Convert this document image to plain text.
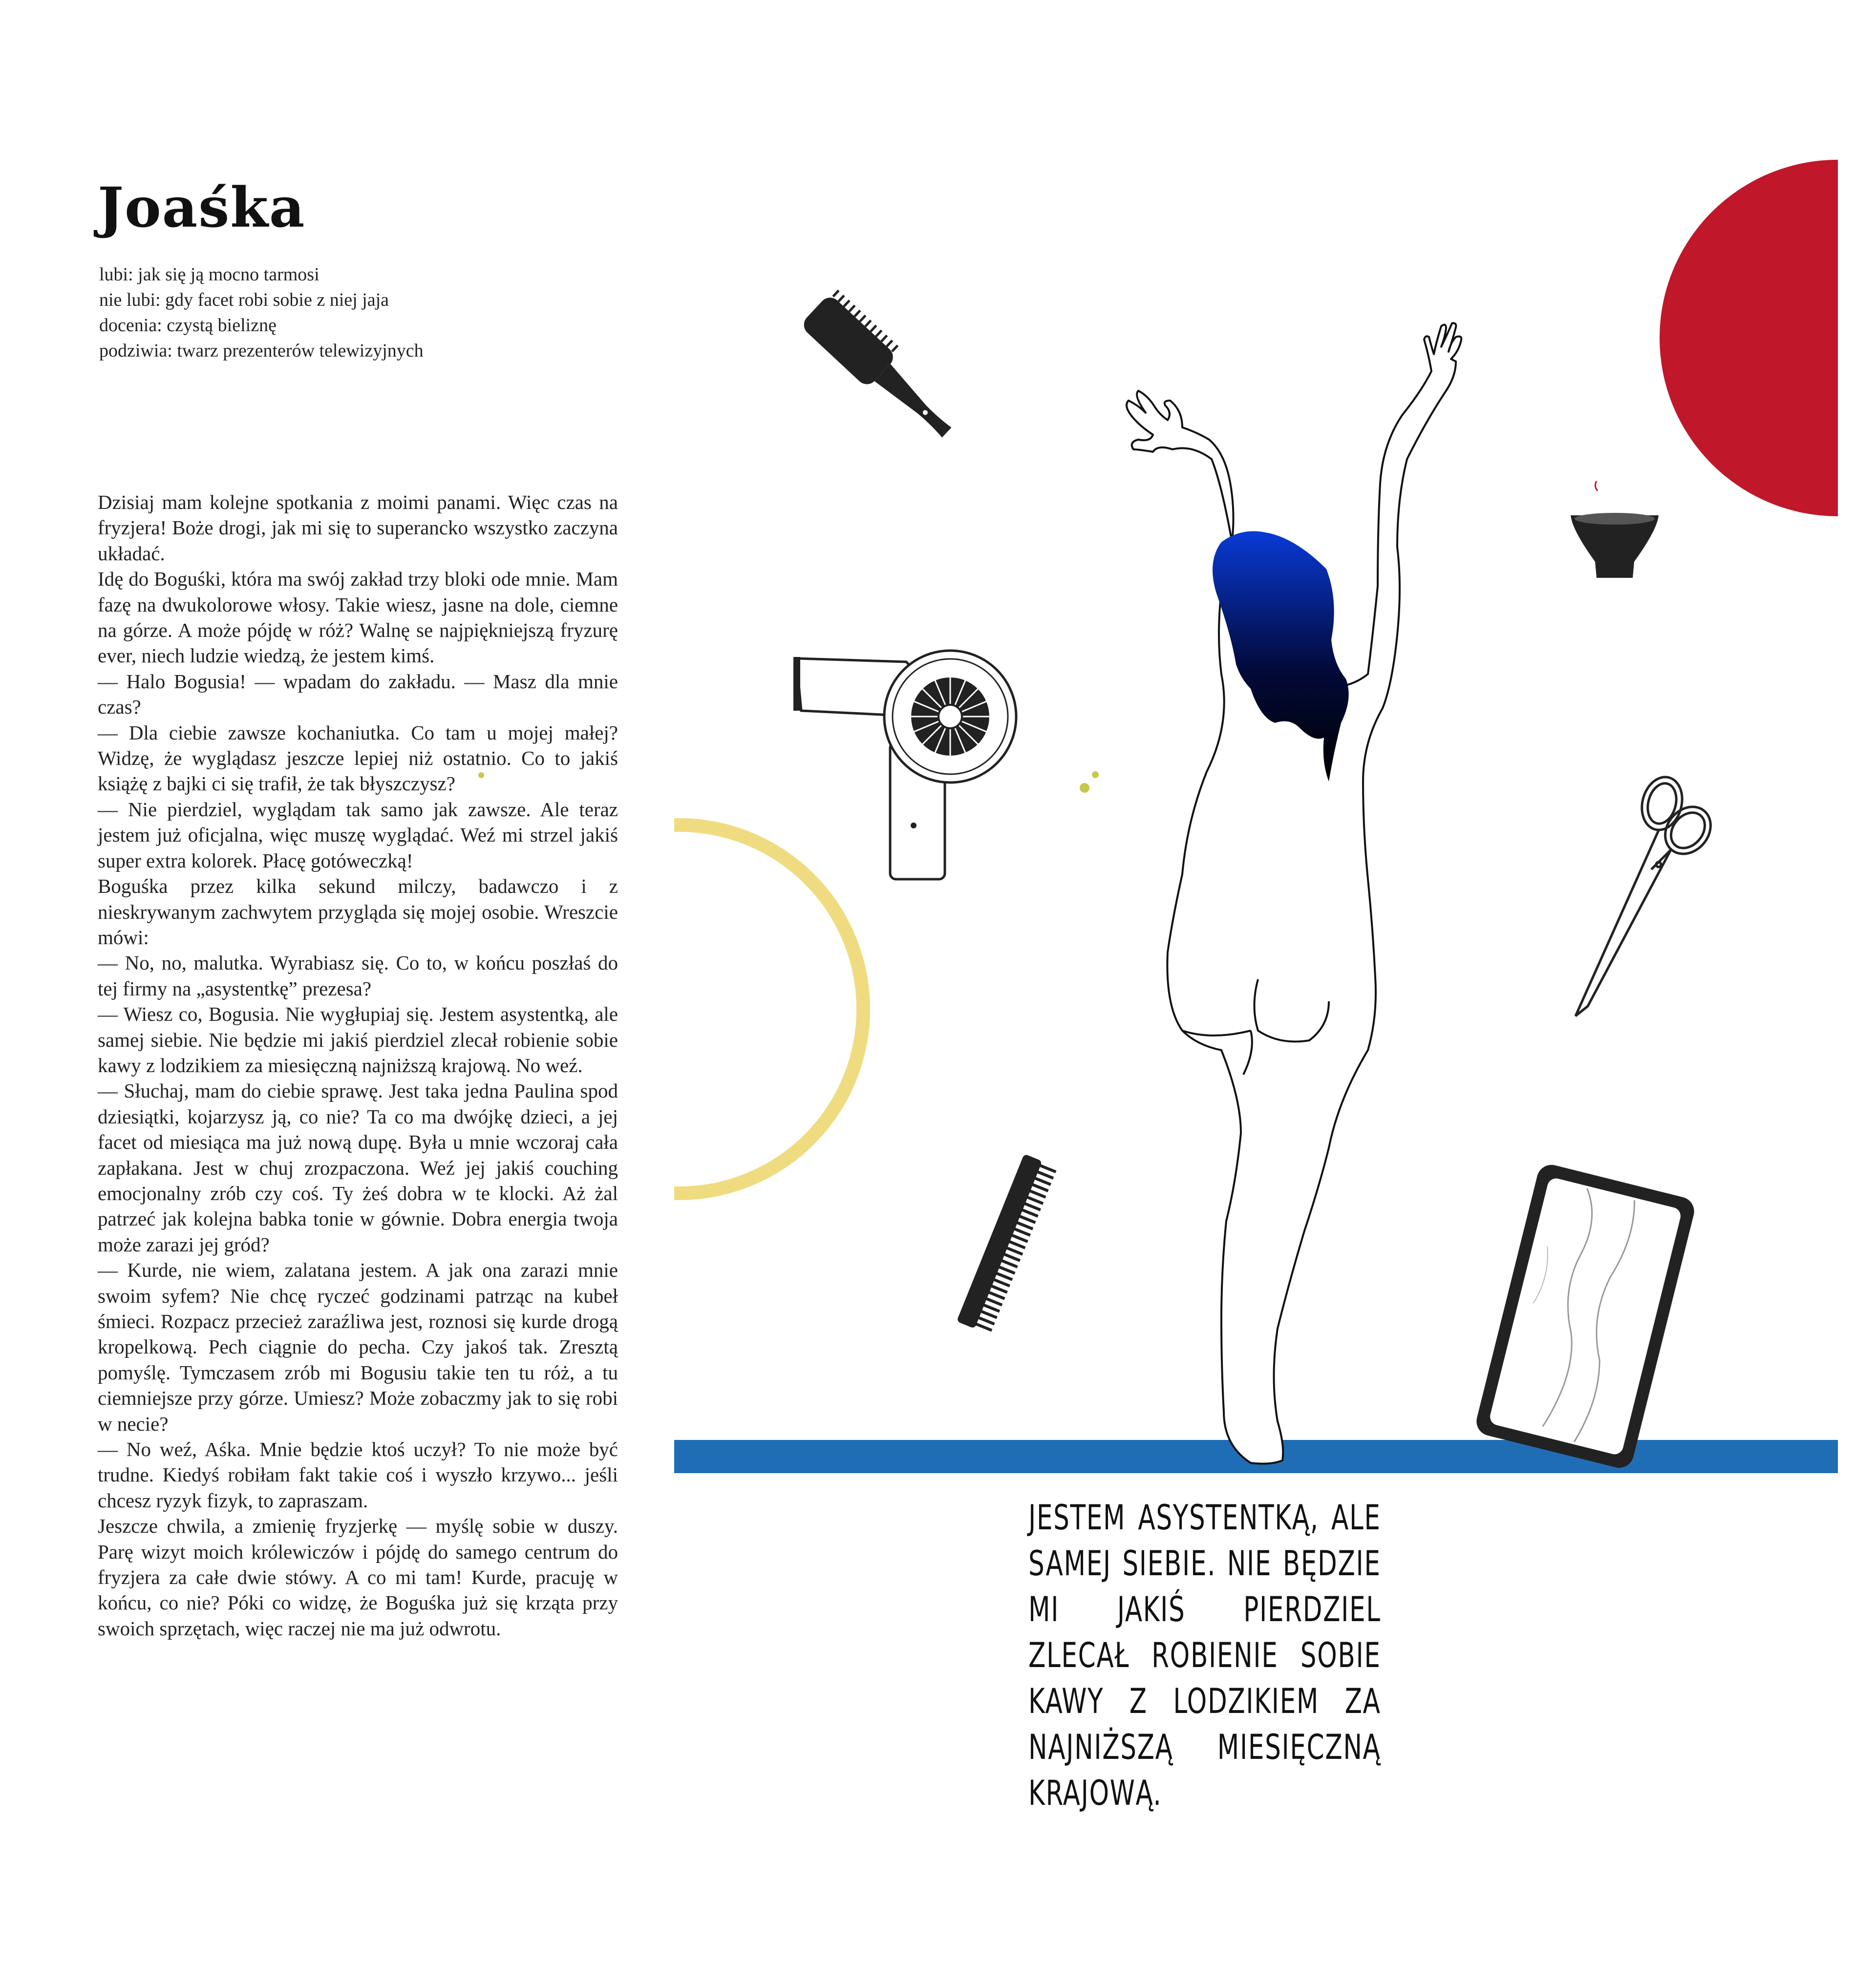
Joaśka
lubi: jak się ją mocno tarmosi
nie lubi: gdy facet robi sobie z niej jaja
docenia: czystą bieliznę
podziwia: twarz prezenterów telewizyjnych

Dzisiaj mam kolejne spotkania z moimi panami. Więc czas na fryzjera! Boże drogi, jak mi się to superancko wszystko zaczyna układać.

Idę do Boguśki, która ma swój zakład trzy bloki ode mnie. Mam fazę na dwukolorowe włosy. Takie wiesz, jasne na dole, ciemne na górze. A może pójdę w róż? Walnę se najpiękniejszą fryzurę ever, niech ludzie wiedzą, że jestem kimś.

— Halo Bogusia! — wpadam do zakładu. — Masz dla mnie czas?

— Dla ciebie zawsze kochaniutka. Co tam u mojej małej? Widzę, że wyglądasz jeszcze lepiej niż ostatnio. Co to jakiś książę z bajki ci się trafił, że tak błyszczysz?

— Nie pierdziel, wyglądam tak samo jak zawsze. Ale teraz jestem już oficjalna, więc muszę wyglądać. Weź mi strzel jakiś super extra kolorek. Płacę gotóweczką!

Boguśka przez kilka sekund milczy, badawczo i z nieskrywanym zachwytem przygląda się mojej osobie. Wreszcie mówi:

— No, no, malutka. Wyrabiasz się. Co to, w końcu poszłaś do tej firmy na „asystentkę” prezesa?

— Wiesz co, Bogusia. Nie wygłupiaj się. Jestem asystentką, ale samej siebie. Nie będzie mi jakiś pierdziel zlecał robienie sobie kawy z lodzikiem za miesięczną najniższą krajową. No weź.

— Słuchaj, mam do ciebie sprawę. Jest taka jedna Paulina spod dziesiątki, kojarzysz ją, co nie? Ta co ma dwójkę dzieci, a jej facet od miesiąca ma już nową dupę. Była u mnie wczoraj cała zapłakana. Jest w chuj zrozpaczona. Weź jej jakiś couching emocjonalny zrób czy coś. Ty żeś dobra w te klocki. Aż żal patrzeć jak kolejna babka tonie w gównie. Dobra energia twoja może zarazi jej gród?

— Kurde, nie wiem, zalatana jestem. A jak ona zarazi mnie swoim syfem? Nie chcę ryczeć godzinami patrząc na kubeł śmieci. Rozpacz przecież zaraźliwa jest, roznosi się kurde drogą kropelkową. Pech ciągnie do pecha. Czy jakoś tak. Zresztą pomyślę. Tymczasem zrób mi Bogusiu takie ten tu róż, a tu ciemniejsze przy górze. Umiesz? Może zobaczmy jak to się robi w necie?

— No weź, Aśka. Mnie będzie ktoś uczył? To nie może być trudne. Kiedyś robiłam fakt takie coś i wyszło krzywo... jeśli chcesz ryzyk fizyk, to zapraszam.

Jeszcze chwila, a zmienię fryzjerkę — myślę sobie w duszy. Parę wizyt moich królewiczów i pójdę do samego centrum do fryzjera za całe dwie stówy. A co mi tam! Kurde, pracuję w końcu, co nie? Póki co widzę, że Boguśka już się krząta przy swoich sprzętach, więc raczej nie ma już odwrotu.

JESTEM ASYSTENTKĄ, ALE SAMEJ SIEBIE. NIE BĘDZIE MI JAKIŚ PIERDZIEL ZLECAŁ ROBIENIE SOBIE KAWY Z LODZIKIEM ZA NAJNIŻSZĄ MIESIĘCZNĄ KRAJOWĄ.
